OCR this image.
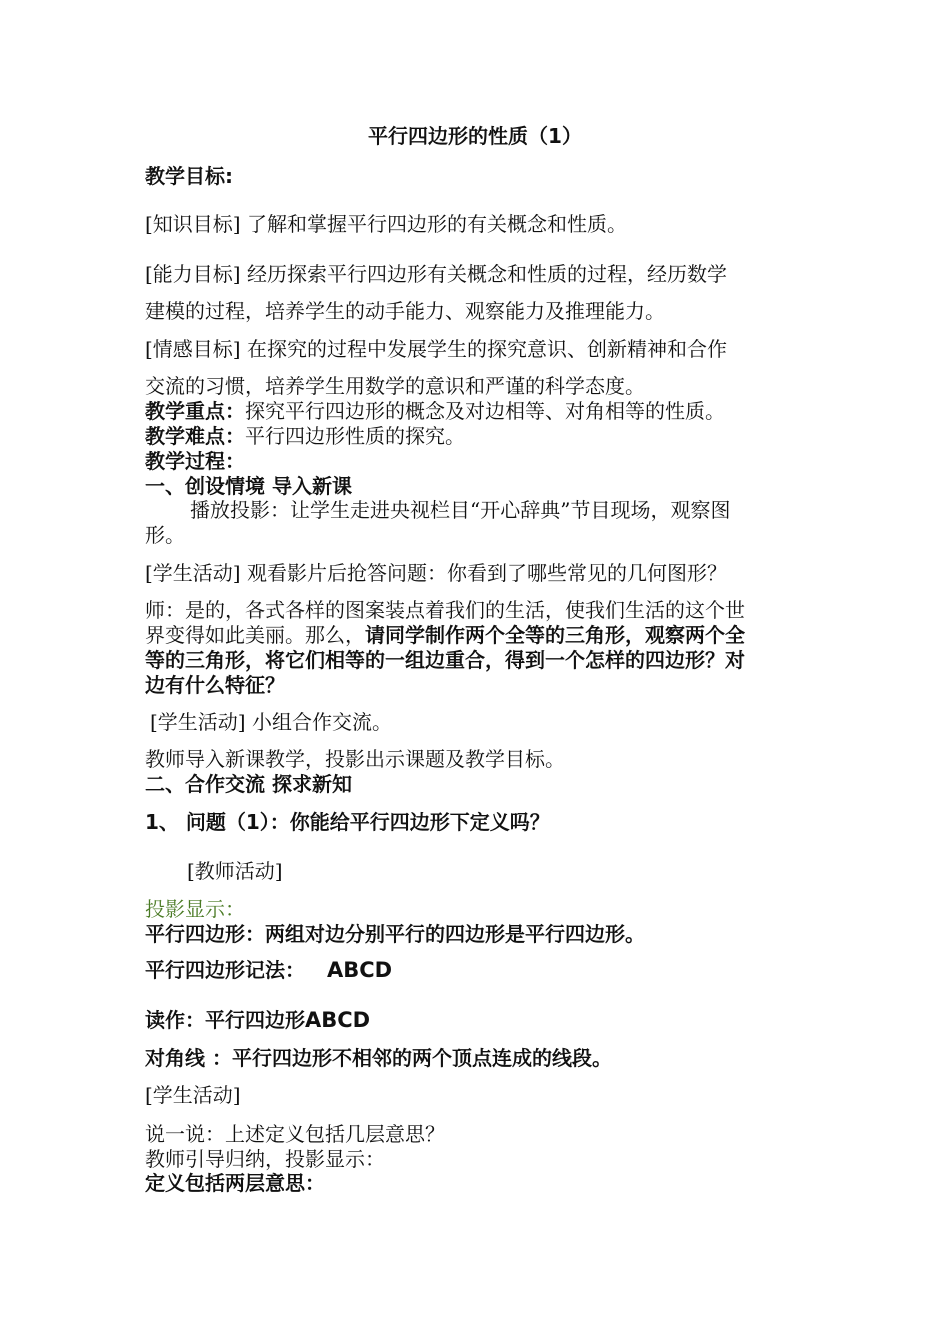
平行四边形的性质（1）
教学目标:
[知识目标] 了解和掌握平行四边形的有关概念和性质。
[能力目标] 经历探索平行四边形有关概念和性质的过程，经历数学
建模的过程，培养学生的动手能力、观察能力及推理能力。
[情感目标] 在探究的过程中发展学生的探究意识、创新精神和合作
交流的习惯，培养学生用数学的意识和严谨的科学态度。
教学重点：探究平行四边形的概念及对边相等、对角相等的性质。
教学难点：平行四边形性质的探究。
教学过程：
一、创设情境 导入新课
播放投影：让学生走进央视栏目“开心辞典”节目现场，观察图
形。
[学生活动] 观看影片后抢答问题：你看到了哪些常见的几何图形？
师：是的，各式各样的图案装点着我们的生活，使我们生活的这个世
界变得如此美丽。那么，请同学制作两个全等的三角形，观察两个全
等的三角形，将它们相等的一组边重合，得到一个怎样的四边形？对
边有什么特征？
[学生活动] 小组合作交流。
教师导入新课教学，投影出示课题及教学目标。
二、合作交流 探求新知
1、 问题（1）：你能给平行四边形下定义吗？
[教师活动]
投影显示：
平行四边形：两组对边分别平行的四边形是平行四边形。
平行四边形记法： ABCD
读作：平行四边形ABCD
对角线 ：平行四边形不相邻的两个顶点连成的线段。
[学生活动]
说一说：上述定义包括几层意思？
教师引导归纳，投影显示：
定义包括两层意思：
